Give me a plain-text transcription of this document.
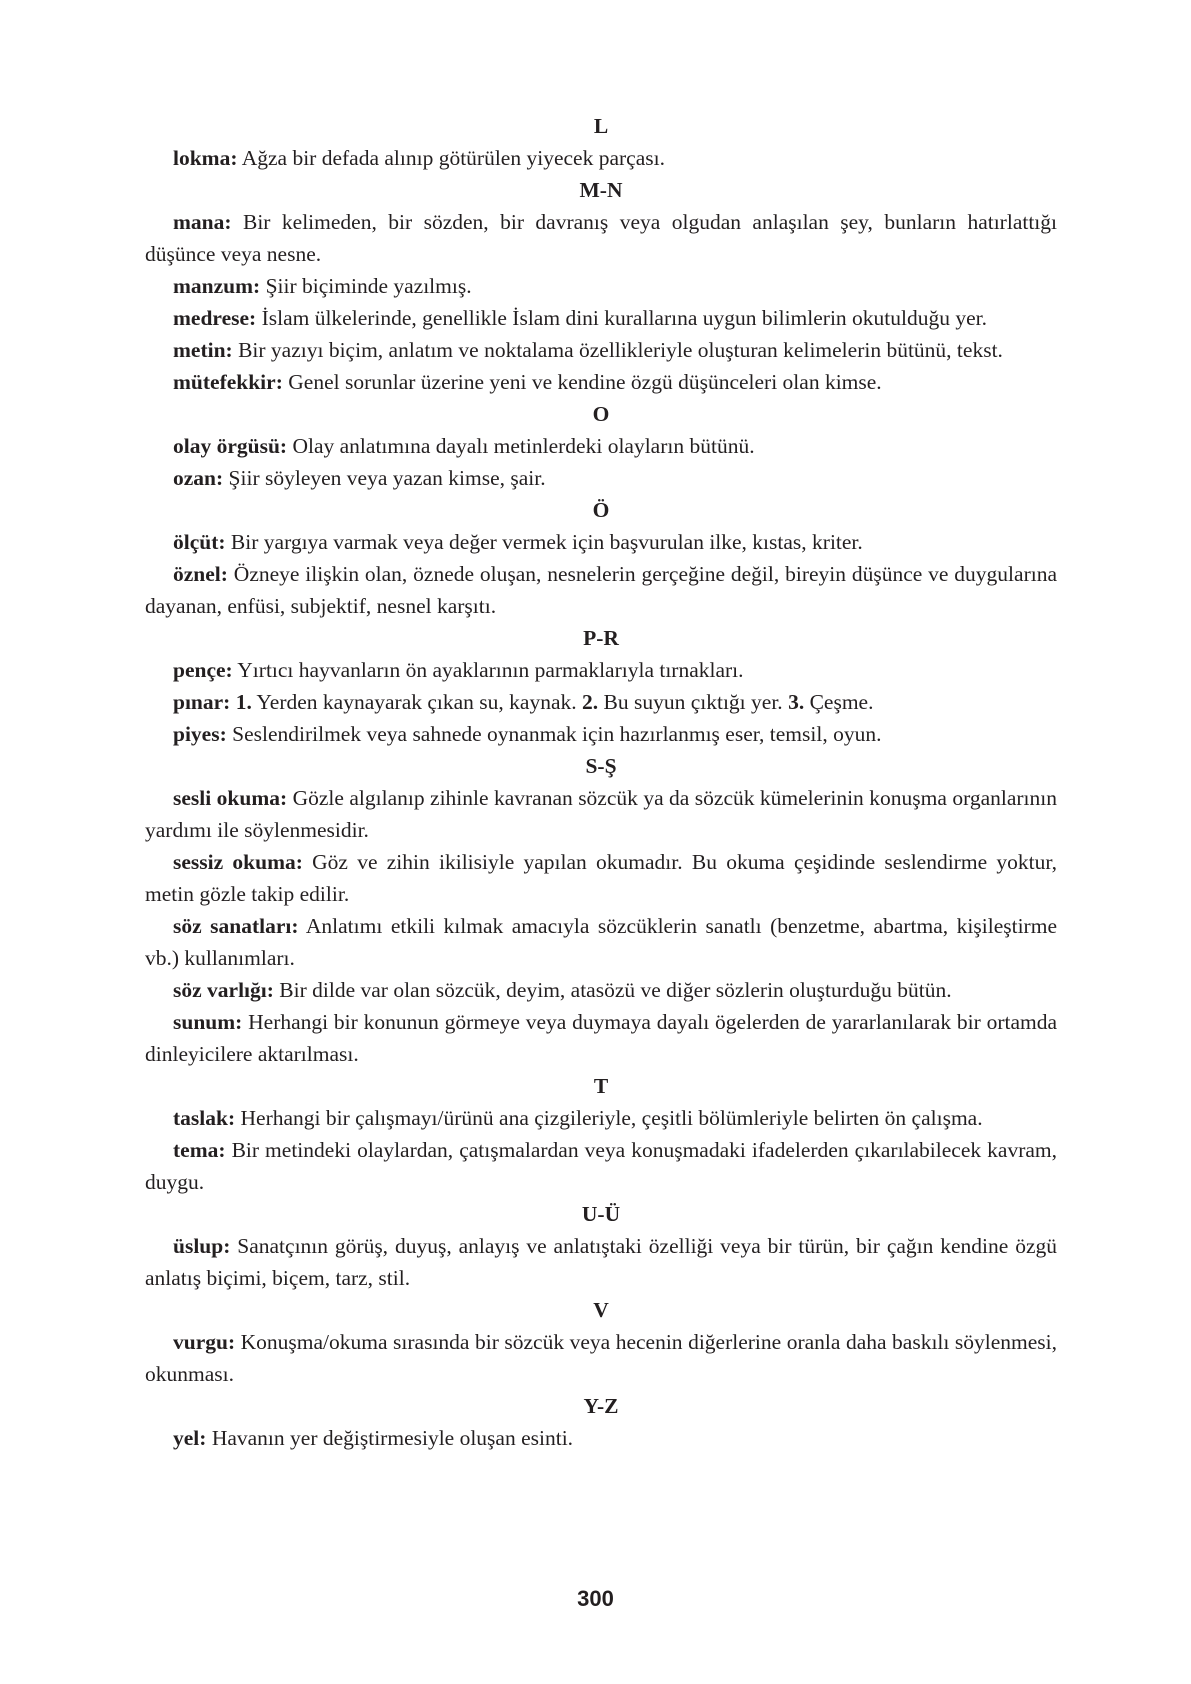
L

lokma: Ağza bir defada alınıp götürülen yiyecek parçası.

M-N

mana: Bir kelimeden, bir sözden, bir davranış veya olgudan anlaşılan şey, bunların hatırlattığı düşünce veya nesne.

manzum: Şiir biçiminde yazılmış.

medrese: İslam ülkelerinde, genellikle İslam dini kurallarına uygun bilimlerin okutulduğu yer.

metin: Bir yazıyı biçim, anlatım ve noktalama özellikleriyle oluşturan kelimelerin bütünü, tekst.

mütefekkir: Genel sorunlar üzerine yeni ve kendine özgü düşünceleri olan kimse.

O

olay örgüsü: Olay anlatımına dayalı metinlerdeki olayların bütünü.

ozan: Şiir söyleyen veya yazan kimse, şair.

Ö

ölçüt: Bir yargıya varmak veya değer vermek için başvurulan ilke, kıstas, kriter.

öznel: Özneye ilişkin olan, öznede oluşan, nesnelerin gerçeğine değil, bireyin düşünce ve duygularına dayanan, enfüsi, subjektif, nesnel karşıtı.

P-R

pençe: Yırtıcı hayvanların ön ayaklarının parmaklarıyla tırnakları.

pınar: 1. Yerden kaynayarak çıkan su, kaynak. 2. Bu suyun çıktığı yer. 3. Çeşme.

piyes: Seslendirilmek veya sahnede oynanmak için hazırlanmış eser, temsil, oyun.

S-Ş

sesli okuma: Gözle algılanıp zihinle kavranan sözcük ya da sözcük kümelerinin konuşma organlarının yardımı ile söylenmesidir.

sessiz okuma: Göz ve zihin ikilisiyle yapılan okumadır. Bu okuma çeşidinde seslendirme yoktur, metin gözle takip edilir.

söz sanatları: Anlatımı etkili kılmak amacıyla sözcüklerin sanatlı (benzetme, abartma, kişileştirme vb.) kullanımları.

söz varlığı: Bir dilde var olan sözcük, deyim, atasözü ve diğer sözlerin oluşturduğu bütün.

sunum: Herhangi bir konunun görmeye veya duymaya dayalı ögelerden de yararlanılarak bir ortamda dinleyicilere aktarılması.

T

taslak: Herhangi bir çalışmayı/ürünü ana çizgileriyle, çeşitli bölümleriyle belirten ön çalışma.

tema: Bir metindeki olaylardan, çatışmalardan veya konuşmadaki ifadelerden çıkarılabilecek kavram, duygu.

U-Ü

üslup: Sanatçının görüş, duyuş, anlayış ve anlatıştaki özelliği veya bir türün, bir çağın kendine özgü anlatış biçimi, biçem, tarz, stil.

V

vurgu: Konuşma/okuma sırasında bir sözcük veya hecenin diğerlerine oranla daha baskılı söylenmesi, okunması.

Y-Z

yel: Havanın yer değiştirmesiyle oluşan esinti.

300
